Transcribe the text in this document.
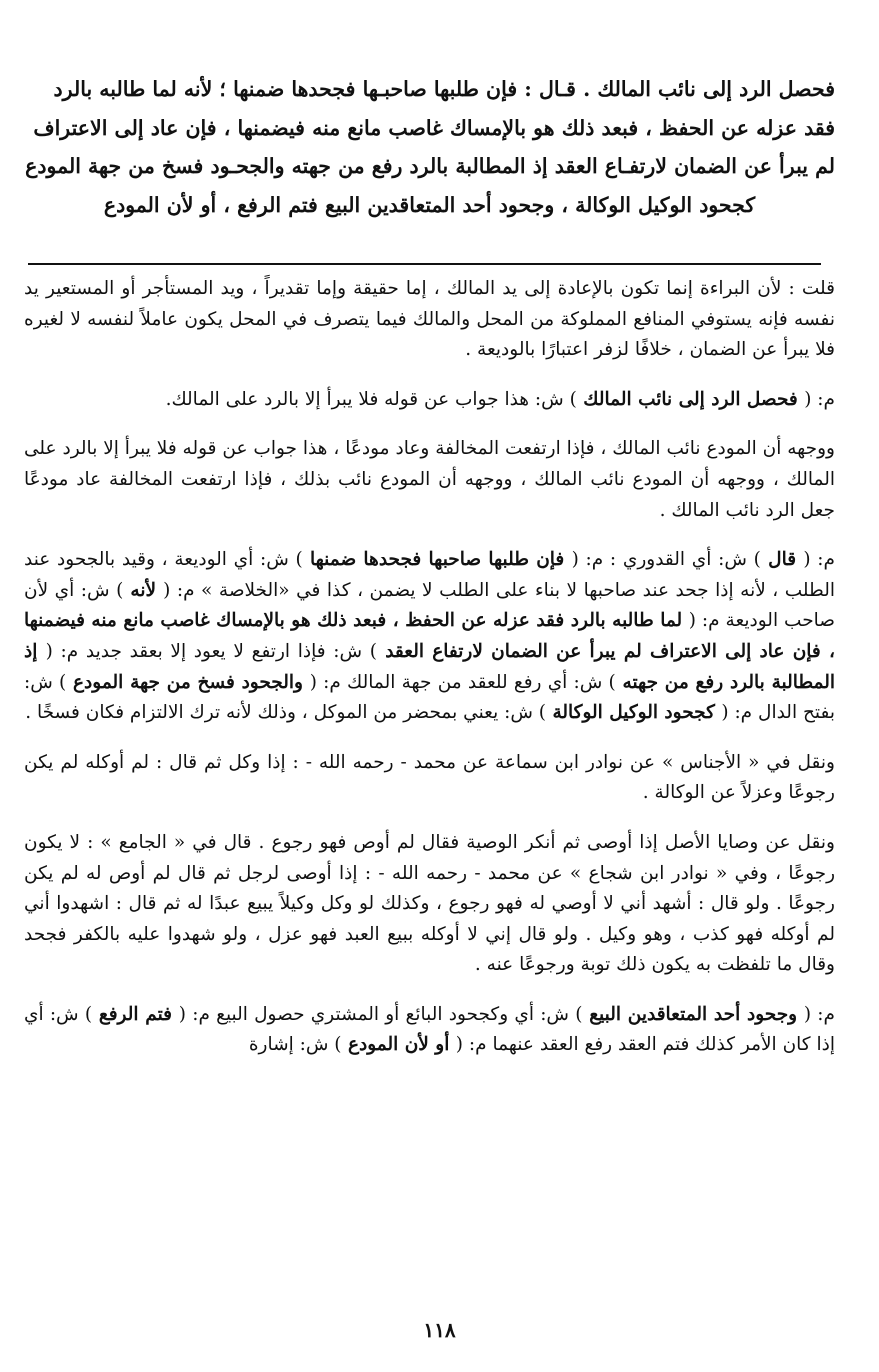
فحصل الرد إلى نائب المالك . قـال : فإن طلبها صاحبـها فجحدها ضمنها ؛ لأنه لما طالبه بالرد
فقد عزله عن الحفظ ، فبعد ذلك هو بالإمساك غاصب مانع منه فيضمنها ، فإن عاد إلى الاعتراف
لم يبرأ عن الضمان لارتفـاع العقد إذ المطالبة بالرد رفع من جهته والجحـود فسخ من جهة المودع
كجحود الوكيل الوكالة ، وجحود أحد المتعاقدين البيع فتم الرفع ، أو لأن المودع

قلت : لأن البراءة إنما تكون بالإعادة إلى يد المالك ، إما حقيقة وإما تقديراً ، ويد المستأجر أو المستعير يد نفسه فإنه يستوفي المنافع المملوكة من المحل والمالك فيما يتصرف في المحل يكون عاملاً لنفسه لا لغيره فلا يبرأ عن الضمان ، خلافًا لزفر اعتبارًا بالوديعة .

م: ( فحصل الرد إلى نائب المالك ) ش: هذا جواب عن قوله فلا يبرأ إلا بالرد على المالك.

ووجهه أن المودع نائب المالك ، فإذا ارتفعت المخالفة وعاد مودعًا ، هذا جواب عن قوله فلا يبرأ إلا بالرد على المالك ، ووجهه أن المودع نائب المالك ، ووجهه أن المودع نائب بذلك ، فإذا ارتفعت المخالفة عاد مودعًا جعل الرد نائب المالك .

م: ( قال ) ش: أي القدوري : م: ( فإن طلبها صاحبها فجحدها ضمنها ) ش: أي الوديعة ، وقيد بالجحود عند الطلب ، لأنه إذا جحد عند صاحبها لا بناء على الطلب لا يضمن ، كذا في «الخلاصة » م: ( لأنه ) ش: أي لأن صاحب الوديعة م: ( لما طالبه بالرد فقد عزله عن الحفظ ، فبعد ذلك هو بالإمساك غاصب مانع منه فيضمنها ، فإن عاد إلى الاعتراف لم يبرأ عن الضمان لارتفاع العقد ) ش: فإذا ارتفع لا يعود إلا بعقد جديد م: ( إذ المطالبة بالرد رفع من جهته ) ش: أي رفع للعقد من جهة المالك م: ( والجحود فسخ من جهة المودع ) ش: بفتح الدال م: ( كجحود الوكيل الوكالة ) ش: يعني بمحضر من الموكل ، وذلك لأنه ترك الالتزام فكان فسخًا .

ونقل في « الأجناس » عن نوادر ابن سماعة عن محمد - رحمه الله - : إذا وكل ثم قال : لم أوكله لم يكن رجوعًا وعزلاً عن الوكالة .

ونقل عن وصايا الأصل إذا أوصى ثم أنكر الوصية فقال لم أوص فهو رجوع . قال في « الجامع » : لا يكون رجوعًا ، وفي « نوادر ابن شجاع » عن محمد - رحمه الله - : إذا أوصى لرجل ثم قال لم أوص له لم يكن رجوعًا . ولو قال : أشهد أني لا أوصي له فهو رجوع ، وكذلك لو وكل وكيلاً يبيع عبدًا له ثم قال : اشهدوا أني لم أوكله فهو كذب ، وهو وكيل . ولو قال إني لا أوكله ببيع العبد فهو عزل ، ولو شهدوا عليه بالكفر فجحد وقال ما تلفظت به يكون ذلك توبة ورجوعًا عنه .

م: ( وجحود أحد المتعاقدين البيع ) ش: أي وكجحود البائع أو المشتري حصول البيع م: ( فتم الرفع ) ش: أي إذا كان الأمر كذلك فتم العقد رفع العقد عنهما م: ( أو لأن المودع ) ش: إشارة

١١٨
